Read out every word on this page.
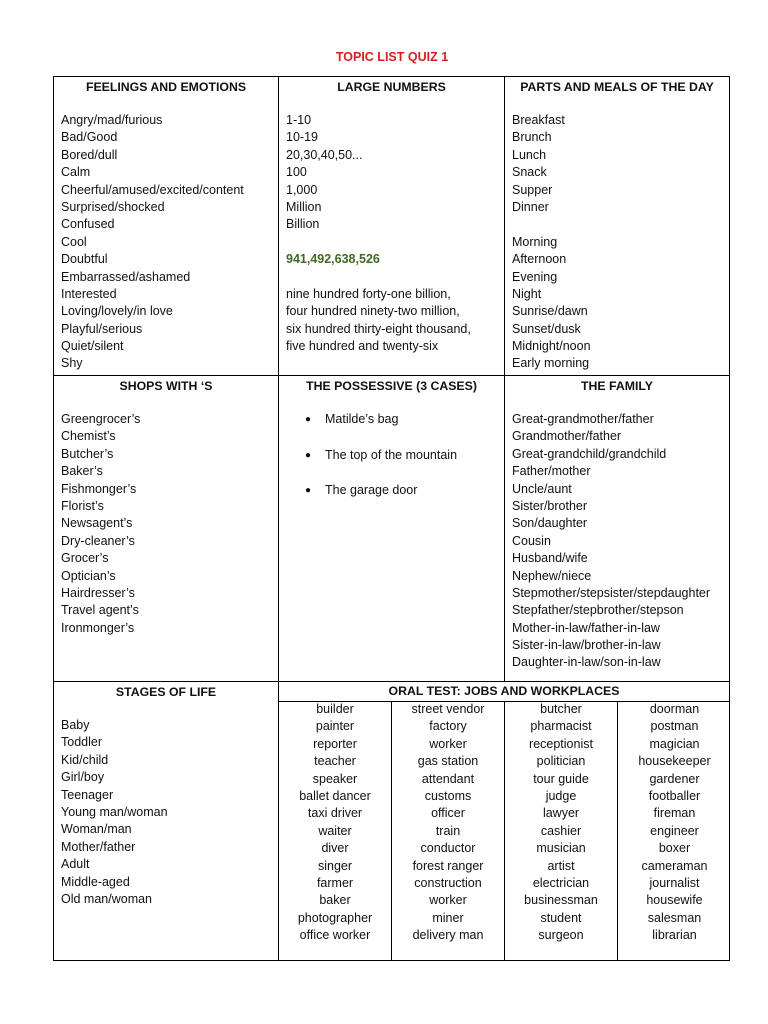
TOPIC LIST QUIZ 1
FEELINGS AND EMOTIONS
Angry/mad/furious
Bad/Good
Bored/dull
Calm
Cheerful/amused/excited/content
Surprised/shocked
Confused
Cool
Doubtful
Embarrassed/ashamed
Interested
Loving/lovely/in love
Playful/serious
Quiet/silent
Shy
LARGE NUMBERS
1-10
10-19
20,30,40,50...
100
1,000
Million
Billion
941,492,638,526
nine hundred forty-one billion,
four hundred ninety-two million,
six hundred thirty-eight thousand,
five hundred and twenty-six
PARTS AND MEALS OF THE DAY
Breakfast
Brunch
Lunch
Snack
Supper
Dinner
Morning
Afternoon
Evening
Night
Sunrise/dawn
Sunset/dusk
Midnight/noon
Early morning
SHOPS WITH ‘S
Greengrocer’s
Chemist’s
Butcher’s
Baker’s
Fishmonger’s
Florist’s
Newsagent’s
Dry-cleaner’s
Grocer’s
Optician’s
Hairdresser’s
Travel agent’s
Ironmonger’s
THE POSSESSIVE (3 CASES)
● Matilde’s bag
● The top of the mountain
● The garage door
THE FAMILY
Great-grandmother/father
Grandmother/father
Great-grandchild/grandchild
Father/mother
Uncle/aunt
Sister/brother
Son/daughter
Cousin
Husband/wife
Nephew/niece
Stepmother/stepsister/stepdaughter
Stepfather/stepbrother/stepson
Mother-in-law/father-in-law
Sister-in-law/brother-in-law
Daughter-in-law/son-in-law
STAGES OF LIFE
Baby
Toddler
Kid/child
Girl/boy
Teenager
Young man/woman
Woman/man
Mother/father
Adult
Middle-aged
Old man/woman
ORAL TEST: JOBS AND WORKPLACES
builder
painter
reporter
teacher
speaker
ballet dancer
taxi driver
waiter
diver
singer
farmer
baker
photographer
office worker
street vendor
factory
worker
gas station
attendant
customs
officer
train
conductor
forest ranger
construction
worker
miner
delivery man
butcher
pharmacist
receptionist
politician
tour guide
judge
lawyer
cashier
musician
artist
electrician
businessman
student
surgeon
doorman
postman
magician
housekeeper
gardener
footballer
fireman
engineer
boxer
cameraman
journalist
housewife
salesman
librarian
